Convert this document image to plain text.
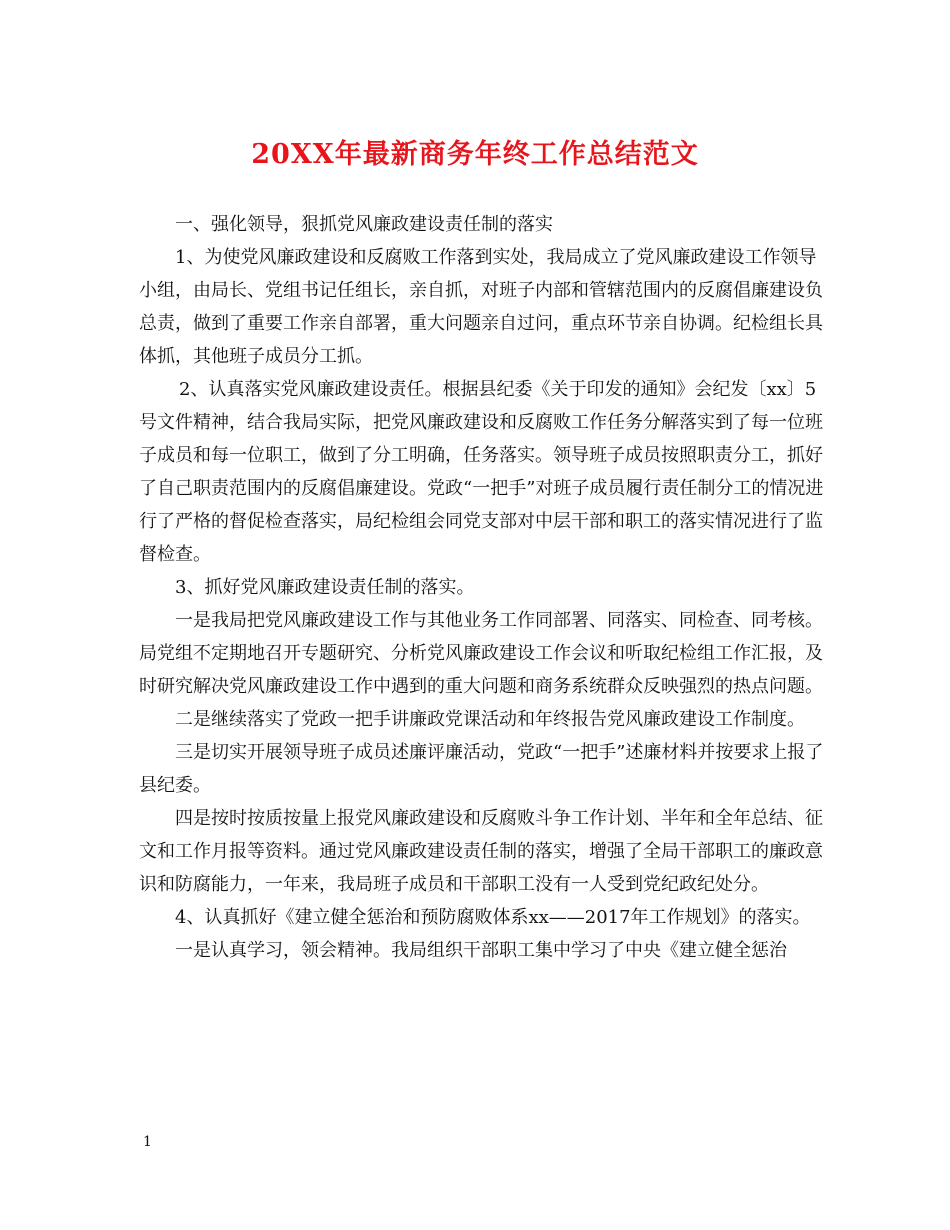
20XX年最新商务年终工作总结范文

一、强化领导，狠抓党风廉政建设责任制的落实

1、为使党风廉政建设和反腐败工作落到实处，我局成立了党风廉政建设工作领导小组，由局长、党组书记任组长，亲自抓，对班子内部和管辖范围内的反腐倡廉建设负总责，做到了重要工作亲自部署，重大问题亲自过问，重点环节亲自协调。纪检组长具体抓，其他班子成员分工抓。

2、认真落实党风廉政建设责任。根据县纪委《关于印发的通知》会纪发〔xx〕5号文件精神，结合我局实际，把党风廉政建设和反腐败工作任务分解落实到了每一位班子成员和每一位职工，做到了分工明确，任务落实。领导班子成员按照职责分工，抓好了自己职责范围内的反腐倡廉建设。党政“一把手”对班子成员履行责任制分工的情况进行了严格的督促检查落实，局纪检组会同党支部对中层干部和职工的落实情况进行了监督检查。

3、抓好党风廉政建设责任制的落实。

一是我局把党风廉政建设工作与其他业务工作同部署、同落实、同检查、同考核。局党组不定期地召开专题研究、分析党风廉政建设工作会议和听取纪检组工作汇报，及时研究解决党风廉政建设工作中遇到的重大问题和商务系统群众反映强烈的热点问题。

二是继续落实了党政一把手讲廉政党课活动和年终报告党风廉政建设工作制度。

三是切实开展领导班子成员述廉评廉活动，党政“一把手”述廉材料并按要求上报了县纪委。

四是按时按质按量上报党风廉政建设和反腐败斗争工作计划、半年和全年总结、征文和工作月报等资料。通过党风廉政建设责任制的落实，增强了全局干部职工的廉政意识和防腐能力，一年来，我局班子成员和干部职工没有一人受到党纪政纪处分。

4、认真抓好《建立健全惩治和预防腐败体系xx——2017年工作规划》的落实。

一是认真学习，领会精神。我局组织干部职工集中学习了中央《建立健全惩治

1
